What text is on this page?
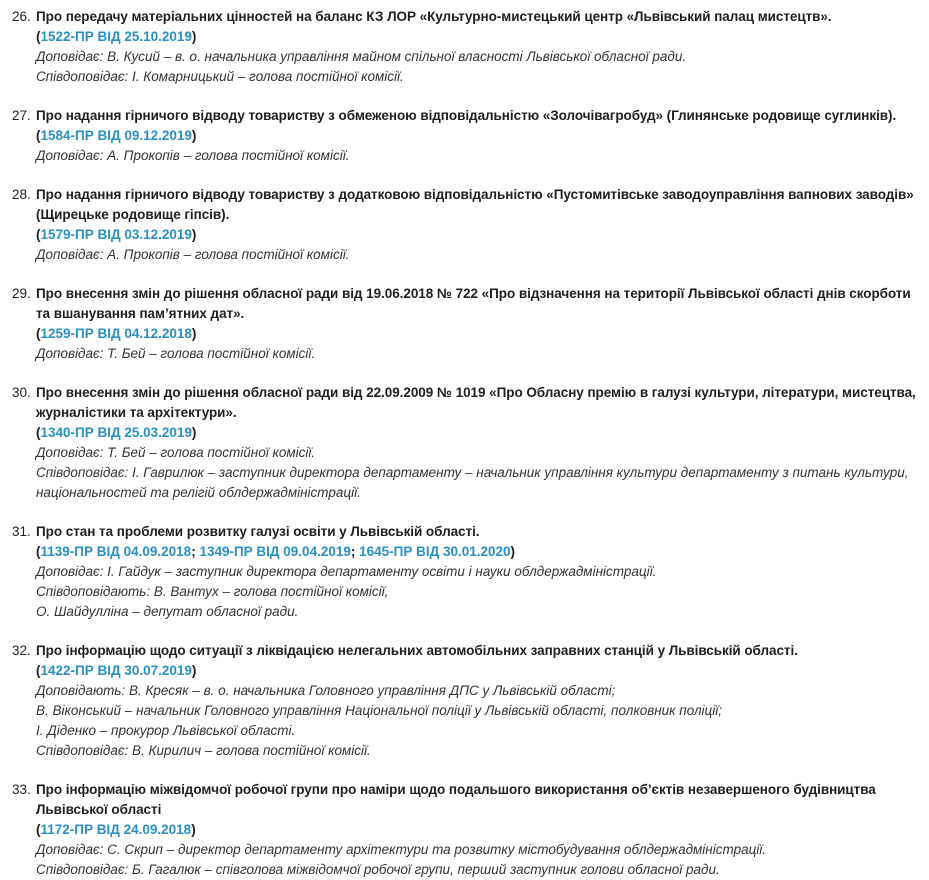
26. Про передачу матеріальних цінностей на баланс КЗ ЛОР «Культурно-мистецький центр «Львівський палац мистецтв».
(1522-ПР ВІД 25.10.2019)
Доповідає: В. Кусий – в. о. начальника управління майном спільної власності Львівської обласної ради.
Співдоповідає: І. Комарницький – голова постійної комісії.
27. Про надання гірничого відводу товариству з обмеженою відповідальністю «Золочівагробуд» (Глинянське родовище суглинків).
(1584-ПР ВІД 09.12.2019)
Доповідає: А. Прокопів – голова постійної комісії.
28. Про надання гірничого відводу товариству з додатковою відповідальністю «Пустомитівське заводоуправління вапнових заводів» (Щирецьке родовище гіпсів).
(1579-ПР ВІД 03.12.2019)
Доповідає: А. Прокопів – голова постійної комісії.
29. Про внесення змін до рішення обласної ради від 19.06.2018 № 722 «Про відзначення на території Львівської області днів скорботи та вшанування пам’ятних дат».
(1259-ПР ВІД 04.12.2018)
Доповідає: Т. Бей – голова постійної комісії.
30. Про внесення змін до рішення обласної ради від 22.09.2009 № 1019 «Про Обласну премію в галузі культури, літератури, мистецтва, журналістики та архітектури».
(1340-ПР ВІД 25.03.2019)
Доповідає: Т. Бей – голова постійної комісії.
Співдоповідає: І. Гаврилюк – заступник директора департаменту – начальник управління культури департаменту з питань культури, національностей та релігій облдержадміністрації.
31. Про стан та проблеми розвитку галузі освіти у Львівській області.
(1139-ПР ВІД 04.09.2018; 1349-ПР ВІД 09.04.2019; 1645-ПР ВІД 30.01.2020)
Доповідає: І. Гайдук – заступник директора департаменту освіти і науки облдержадміністрації.
Співдоповідають: В. Вантух – голова постійної комісії,
О. Шайдулліна – депутат обласної ради.
32. Про інформацію щодо ситуації з ліквідацією нелегальних автомобільних заправних станцій у Львівській області.
(1422-ПР ВІД 30.07.2019)
Доповідають: В. Кресяк – в. о. начальника Головного управління ДПС у Львівській області;
В. Віконський – начальник Головного управління Національної поліції у Львівській області, полковник поліції;
І. Діденко – прокурор Львівської області.
Співдоповідає: В. Кирилич – голова постійної комісії.
33. Про інформацію міжвідомчої робочої групи про наміри щодо подальшого використання об’єктів незавершеного будівництва Львівської області
(1172-ПР ВІД 24.09.2018)
Доповідає: С. Скрип – директор департаменту архітектури та розвитку містобудування облдержадміністрації.
Співдоповідає: Б. Гагалюк – співголова міжвідомчої робочої групи, перший заступник голови обласної ради.
